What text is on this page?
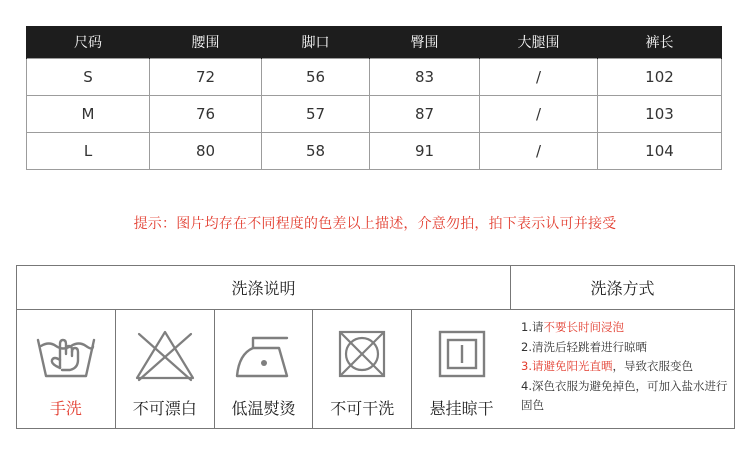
尺码	腰围	脚口	臀围	大腿围	裤长
S	72	56	83	/	102
M	76	57	87	/	103
L	80	58	91	/	104
提示：图片均存在不同程度的色差以上描述，介意勿拍，拍下表示认可并接受
洗涤说明	洗涤方式
手洗	不可漂白	低温熨烫	不可干洗	悬挂晾干
1.请不要长时间浸泡
2.清洗后轻跳着进行晾晒
3.请避免阳光直晒，导致衣服变色
4.深色衣服为避免掉色，可加入盐水进行固色
